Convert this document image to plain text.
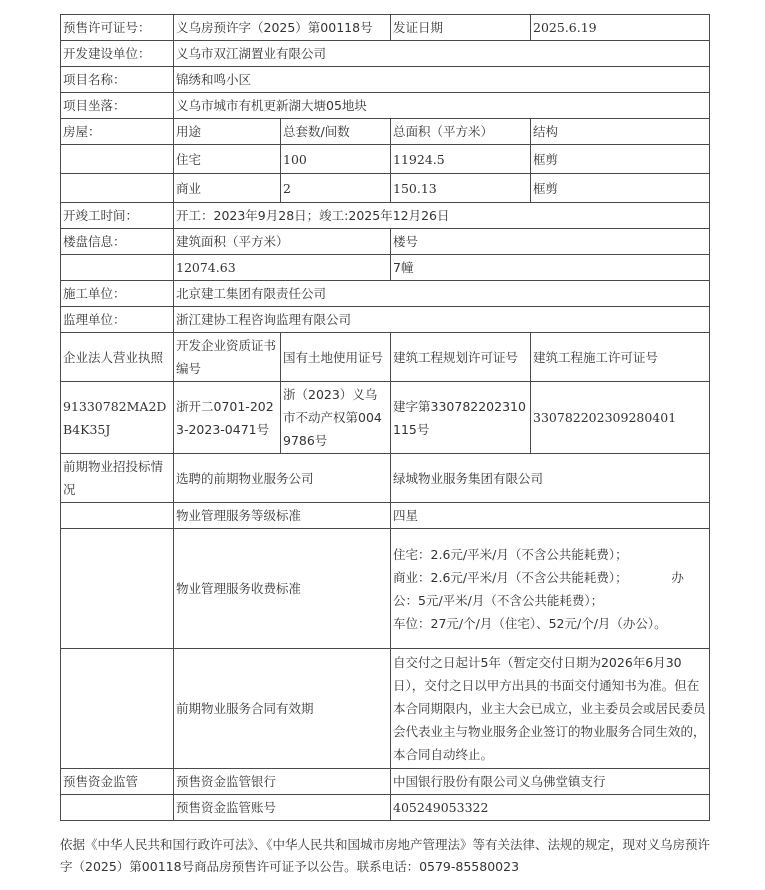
预售许可证号：	义乌房预许字（2025）第00118号		发证日期	2025.6.19
开发建设单位：	义乌市双江湖置业有限公司			
项目名称：	锦绣和鸣小区			
项目坐落：	义乌市城市有机更新湖大塘05地块			
房屋：	用途	总套数/间数	总面积（平方米）	结构
	住宅	100	11924.5	框剪
	商业	2	150.13	框剪
开竣工时间：	开工：2023年9月28日；竣工:2025年12月26日			
楼盘信息：	建筑面积（平方米）		楼号	
	12074.63		7幢	
施工单位：	北京建工集团有限责任公司			
监理单位：	浙江建协工程咨询监理有限公司			
企业法人营业执照	开发企业资质证书编号	国有土地使用证号	建筑工程规划许可证号	建筑工程施工许可证号
91330782MA2DB4K35J	浙开二0701-2023-2023-0471号	浙（2023）义乌市不动产权第0049786号	建字第330782202310115号	330782202309280401
前期物业招投标情况	选聘的前期物业服务公司		绿城物业服务集团有限公司	
	物业管理服务等级标准		四星	
	物业管理服务收费标准		住宅：2.6元/平米/月（不含公共能耗费）；
商业：2.6元/平米/月（不含公共能耗费）；　　　　办
公：5元/平米/月（不含公共能耗费）；
车位：27元/个/月（住宅）、52元/个/月（办公）。	

	前期物业服务合同有效期		自交付之日起计5年（暂定交付日期为2026年6月30日），交付之日以甲方出具的书面交付通知书为准。但在本合同期限内，业主大会已成立，业主委员会或居民委员会代表业主与物业服务企业签订的物业服务合同生效的，本合同自动终止。	
预售资金监管	预售资金监管银行		中国银行股份有限公司义乌佛堂镇支行	
	预售资金监管账号		405249053322	
依据《中华人民共和国行政许可法》、《中华人民共和国城市房地产管理法》等有关法律、法规的规定，现对义乌房预许字（2025）第00118号商品房预售许可证予以公告。联系电话：0579-85580023
